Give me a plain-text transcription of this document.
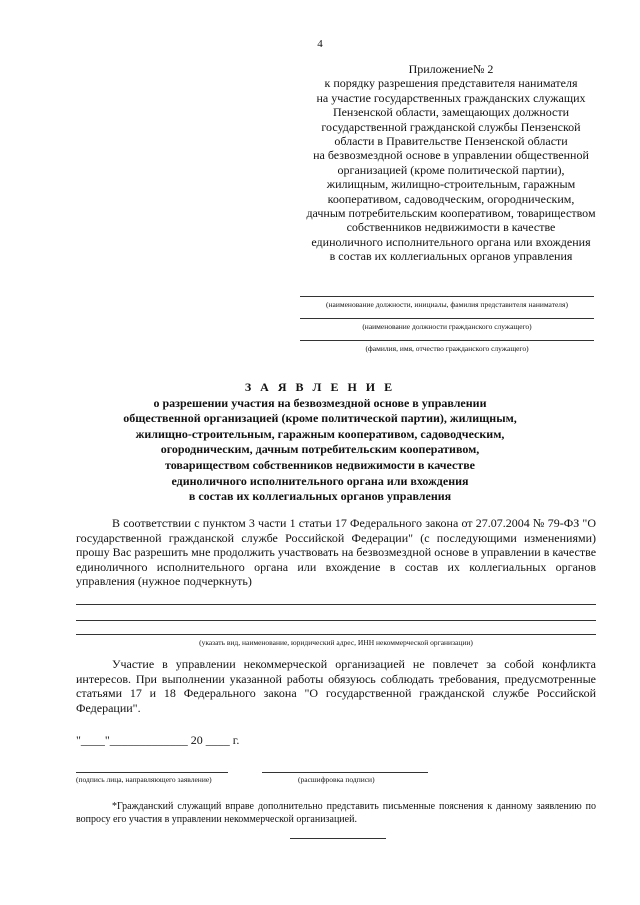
4
Приложение№ 2
к порядку разрешения представителя нанимателя
на участие государственных гражданских служащих
Пензенской области, замещающих должности
государственной гражданской службы Пензенской
области в Правительстве Пензенской области
на безвозмездной основе в управлении общественной
организацией (кроме политической партии),
жилищным, жилищно-строительным, гаражным
кооперативом, садоводческим, огородническим,
дачным потребительским кооперативом, товариществом
собственников недвижимости в качестве
единоличного исполнительного органа или вхождения
в состав их коллегиальных органов управления
(наименование должности, инициалы, фамилия представителя нанимателя)
(наименование должности гражданского служащего)
(фамилия, имя, отчество гражданского служащего)
З А Я В Л Е Н И Е
о разрешении участия на безвозмездной основе в управлении
общественной организацией (кроме политической партии), жилищным,
жилищно-строительным, гаражным кооперативом, садоводческим,
огородническим, дачным потребительским кооперативом,
товариществом собственников недвижимости в качестве
единоличного исполнительного органа или вхождения
в состав их коллегиальных органов управления
В соответствии с пунктом 3 части 1 статьи 17 Федерального закона от 27.07.2004 № 79-ФЗ "О государственной гражданской службе Российской Федерации" (с последующими изменениями) прошу Вас разрешить мне продолжить участвовать на безвозмездной основе в управлении в качестве единоличного исполнительного органа или вхождение в состав их коллегиальных органов управления (нужное подчеркнуть)
(указать вид, наименование, юридический адрес, ИНН некоммерческой организации)
Участие в управлении некоммерческой организацией не повлечет за собой конфликта интересов. При выполнении указанной работы обязуюсь соблюдать требования, предусмотренные статьями 17 и 18 Федерального закона "О государственной гражданской службе Российской Федерации".
"____"_____________ 20 ____ г.
(подпись лица, направляющего заявление)	(расшифровка подписи)
*Гражданский служащий вправе дополнительно представить письменные пояснения к данному заявлению по вопросу его участия в управлении некоммерческой организацией.
